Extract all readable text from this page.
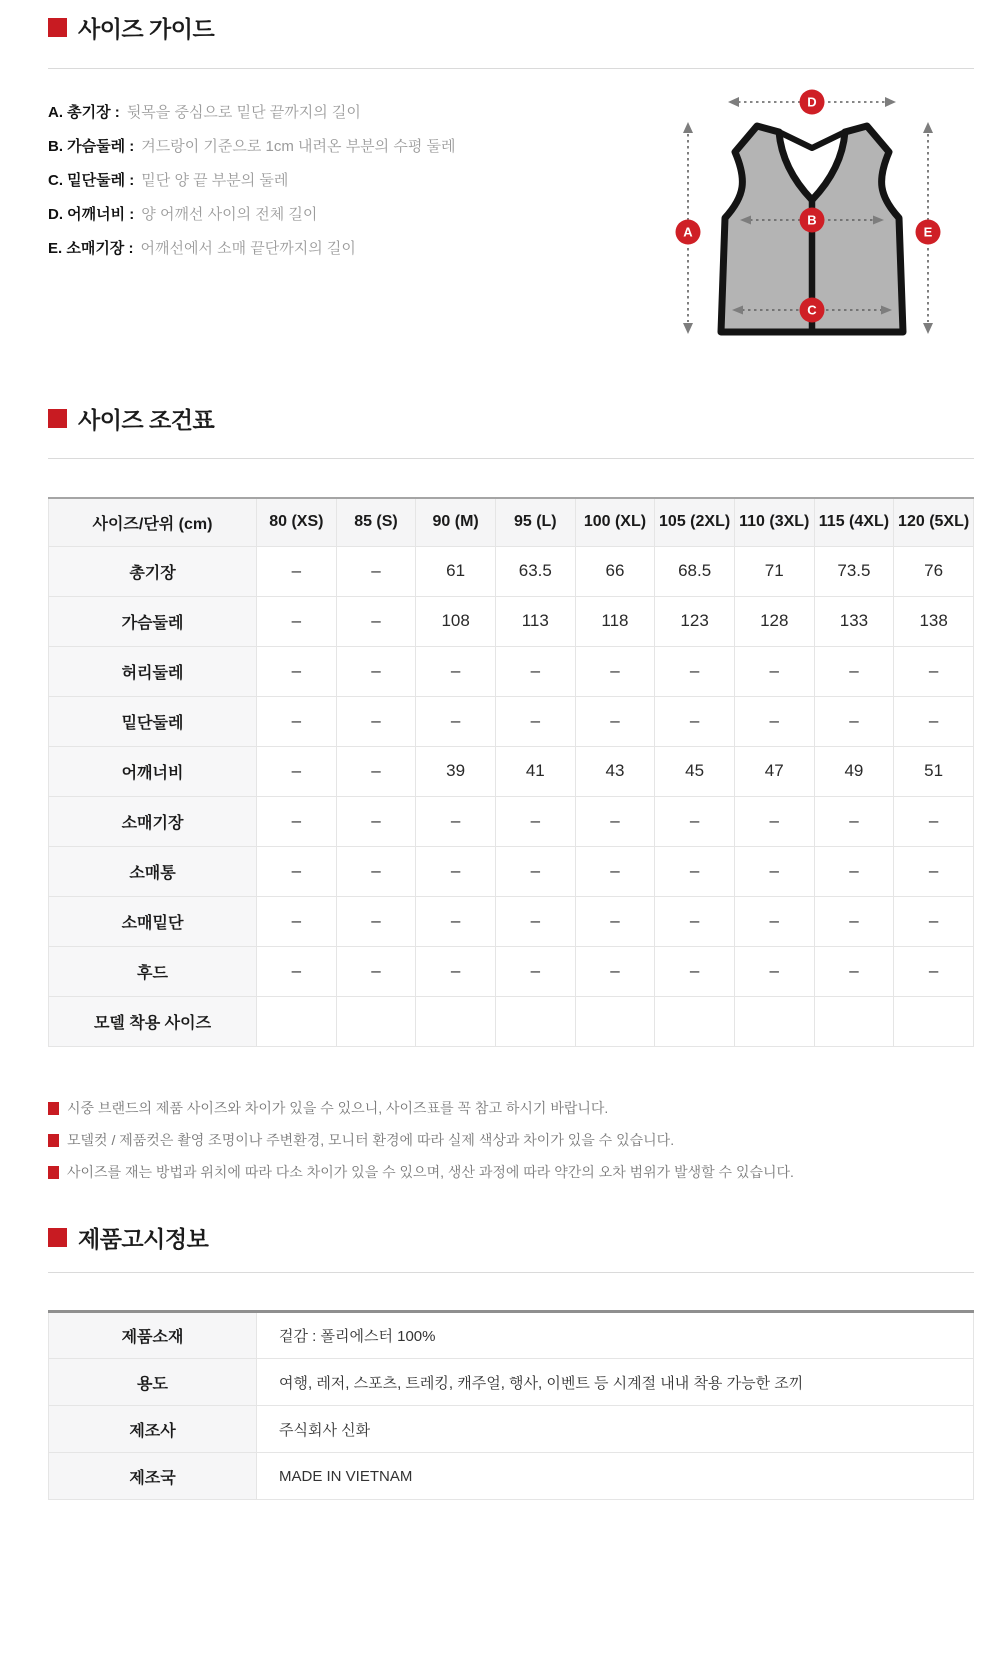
사이즈 가이드
A. 총기장 : 뒷목을 중심으로 밑단 끝까지의 길이
B. 가슴둘레 : 겨드랑이 기준으로 1cm 내려온 부분의 수평 둘레
C. 밑단둘레 : 밑단 양 끝 부분의 둘레
D. 어깨너비 : 양 어깨선 사이의 전체 길이
E. 소매기장 : 어깨선에서 소매 끝단까지의 길이
A
B
C
D
E
사이즈 조건표
사이즈/단위 (cm)	80 (XS)	85 (S)	90 (M)	95 (L)	100 (XL)	105 (2XL)	110 (3XL)	115 (4XL)	120 (5XL)
총기장	–	–	61	63.5	66	68.5	71	73.5	76
가슴둘레	–	–	108	113	118	123	128	133	138
허리둘레	–	–	–	–	–	–	–	–	–
밑단둘레	–	–	–	–	–	–	–	–	–
어깨너비	–	–	39	41	43	45	47	49	51
소매기장	–	–	–	–	–	–	–	–	–
소매통	–	–	–	–	–	–	–	–	–
소매밑단	–	–	–	–	–	–	–	–	–
후드	–	–	–	–	–	–	–	–	–
모델 착용 사이즈									
시중 브랜드의 제품 사이즈와 차이가 있을 수 있으니, 사이즈표를 꼭 참고 하시기 바랍니다.
모델컷 / 제품컷은 촬영 조명이나 주변환경, 모니터 환경에 따라 실제 색상과 차이가 있을 수 있습니다.
사이즈를 재는 방법과 위치에 따라 다소 차이가 있을 수 있으며, 생산 과정에 따라 약간의 오차 범위가 발생할 수 있습니다.
제품고시정보
제품소재	겉감 : 폴리에스터 100%
용도	여행, 레저, 스포츠, 트레킹, 캐주얼, 행사, 이벤트 등 시계절 내내 착용 가능한 조끼
제조사	주식회사 신화
제조국	MADE IN VIETNAM
